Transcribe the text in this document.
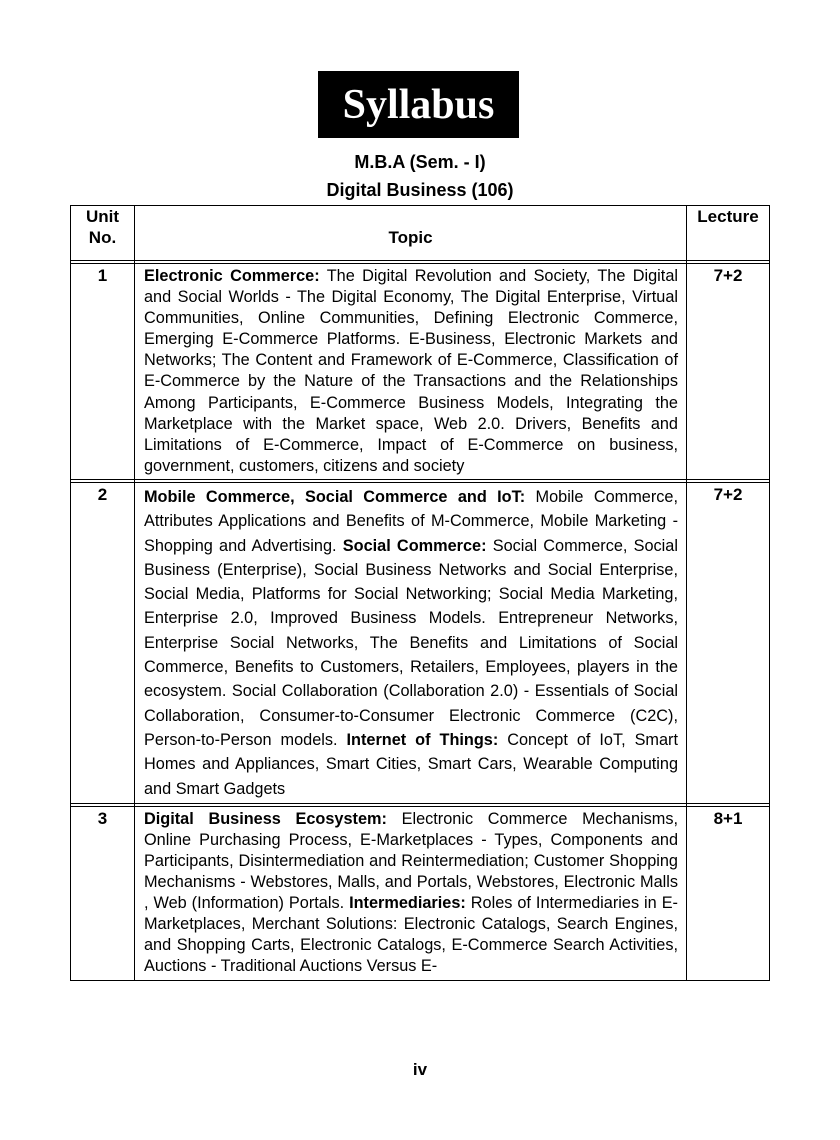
Syllabus
M.B.A (Sem. - I)
Digital Business (106)
Unit
No.	Topic	Lecture

1	Electronic Commerce: The Digital Revolution and Society, The Digital and Social Worlds - The Digital Economy, The Digital Enterprise, Virtual Communities, Online Communities, Defining Electronic Commerce, Emerging E-Commerce Platforms. E-Business, Electronic Markets and Networks; The Content and Framework of E-Commerce, Classification of E-Commerce by the Nature of the Transactions and the Relationships Among Participants, E-Commerce Business Models, Integrating the Marketplace with the Market space, Web 2.0. Drivers, Benefits and Limitations of E-Commerce, Impact of E-Commerce on business, government, customers, citizens and society	7+2

2	Mobile Commerce, Social Commerce and IoT: Mobile Commerce, Attributes Applications and Benefits of M-Commerce, Mobile Marketing - Shopping and Advertising. Social Commerce: Social Commerce, Social Business (Enterprise), Social Business Networks and Social Enterprise, Social Media, Platforms for Social Networking; Social Media Marketing, Enterprise 2.0, Improved Business Models. Entrepreneur Networks, Enterprise Social Networks, The Benefits and Limitations of Social Commerce, Benefits to Customers, Retailers, Employees, players in the ecosystem. Social Collaboration (Collaboration 2.0) - Essentials of Social Collaboration, Consumer-to-Consumer Electronic Commerce (C2C), Person-to-Person models. Internet of Things: Concept of IoT, Smart Homes and Appliances, Smart Cities, Smart Cars, Wearable Computing and Smart Gadgets	7+2

3	Digital Business Ecosystem: Electronic Commerce Mechanisms, Online Purchasing Process, E-Marketplaces - Types, Components and Participants, Disintermediation and Reintermediation; Customer Shopping Mechanisms - Webstores, Malls, and Portals, Webstores, Electronic Malls , Web (Information) Portals. Intermediaries: Roles of Intermediaries in E-Marketplaces, Merchant Solutions: Electronic Catalogs, Search Engines, and Shopping Carts, Electronic Catalogs, E-Commerce Search Activities, Auctions - Traditional Auctions Versus E-	8+1
iv
